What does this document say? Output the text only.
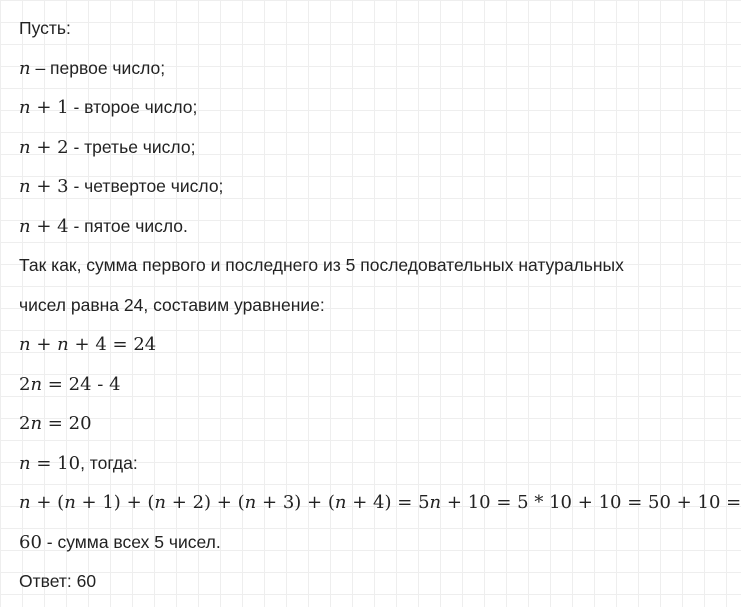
Пусть:
n – первое число;
n + 1 - второе число;
n + 2 - третье число;
n + 3 - четвертое число;
n + 4 - пятое число.
Так как, сумма первого и последнего из 5 последовательных натуральных
чисел равна 24, составим уравнение:
n + n + 4 = 24
2n = 24 - 4
2n = 20
n = 10, тогда:
n + (n + 1) + (n + 2) + (n + 3) + (n + 4) = 5n + 10 = 5 * 10 + 10 = 50 + 10 =
60 - сумма всех 5 чисел.
Ответ: 60
